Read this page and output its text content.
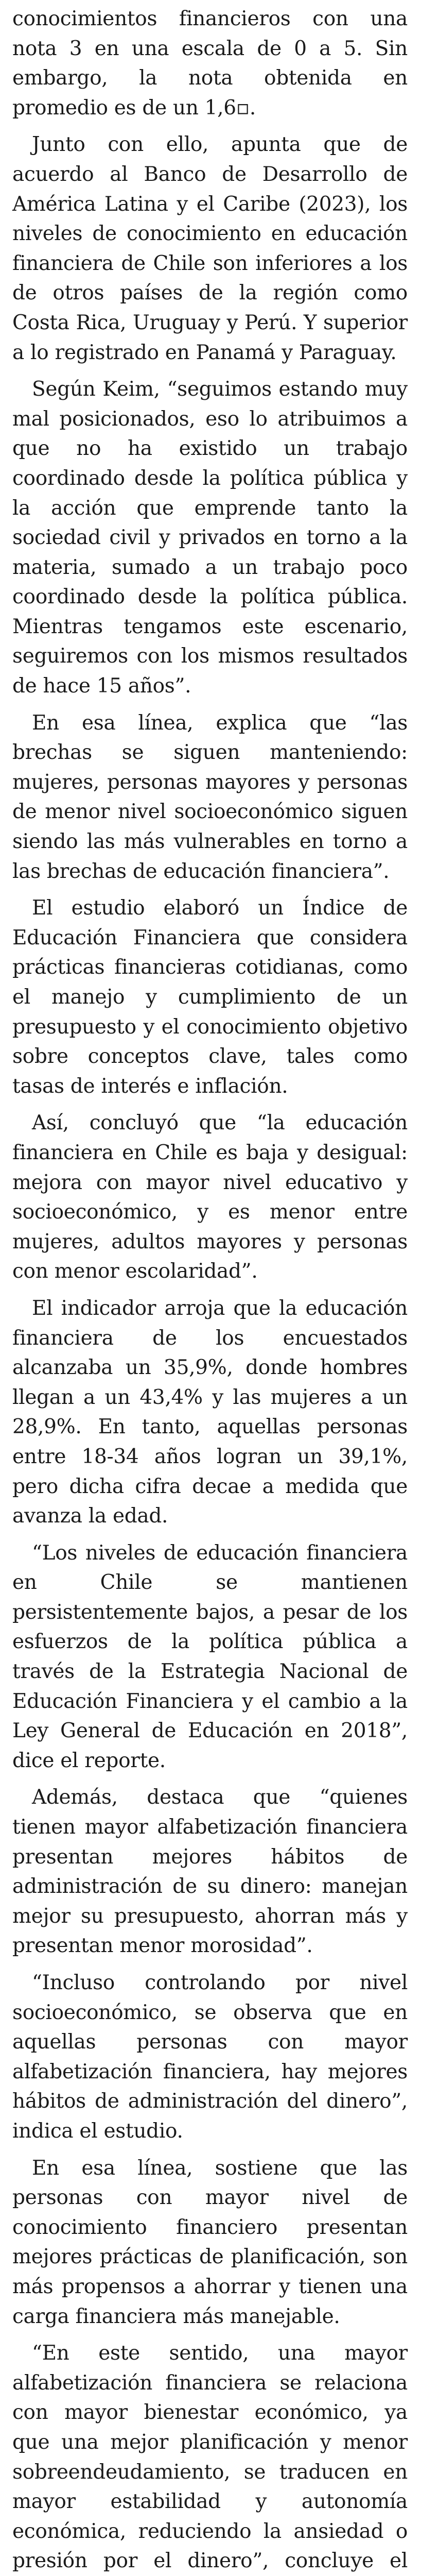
conocimientos financieros con una nota 3 en una escala de 0 a 5. Sin embargo, la nota obtenida en promedio es de un 1,6▫.

Junto con ello, apunta que de acuerdo al Banco de Desarrollo de América Latina y el Caribe (2023), los niveles de conocimiento en educación financiera de Chile son inferiores a los de otros países de la región como Costa Rica, Uruguay y Perú. Y superior a lo registrado en Panamá y Paraguay.

Según Keim, “seguimos estando muy mal posicionados, eso lo atribuimos a que no ha existido un trabajo coordinado desde la política pública y la acción que emprende tanto la sociedad civil y privados en torno a la materia, sumado a un trabajo poco coordinado desde la política pública. Mientras tengamos este escenario, seguiremos con los mismos resultados de hace 15 años”.

En esa línea, explica que “las brechas se siguen manteniendo: mujeres, personas mayores y personas de menor nivel socioeconómico siguen siendo las más vulnerables en torno a las brechas de educación financiera”.

El estudio elaboró un Índice de Educación Financiera que considera prácticas financieras cotidianas, como el manejo y cumplimiento de un presupuesto y el conocimiento objetivo sobre conceptos clave, tales como tasas de interés e inflación.

Así, concluyó que “la educación financiera en Chile es baja y desigual: mejora con mayor nivel educativo y socioeconómico, y es menor entre mujeres, adultos mayores y personas con menor escolaridad”.

El indicador arroja que la educación financiera de los encuestados alcanzaba un 35,9%, donde hombres llegan a un 43,4% y las mujeres a un 28,9%. En tanto, aquellas personas entre 18-34 años logran un 39,1%, pero dicha cifra decae a medida que avanza la edad.

“Los niveles de educación financiera en Chile se mantienen persistentemente bajos, a pesar de los esfuerzos de la política pública a través de la Estrategia Nacional de Educación Financiera y el cambio a la Ley General de Educación en 2018”, dice el reporte.

Además, destaca que “quienes tienen mayor alfabetización financiera presentan mejores hábitos de administración de su dinero: manejan mejor su presupuesto, ahorran más y presentan menor morosidad”.

“Incluso controlando por nivel socioeconómico, se observa que en aquellas personas con mayor alfabetización financiera, hay mejores hábitos de administración del dinero”, indica el estudio.

En esa línea, sostiene que las personas con mayor nivel de conocimiento financiero presentan mejores prácticas de planificación, son más propensos a ahorrar y tienen una carga financiera más manejable.

“En este sentido, una mayor alfabetización financiera se relaciona con mayor bienestar económico, ya que una mejor planificación y menor sobreendeudamiento, se traducen en mayor estabilidad y autonomía económica, reduciendo la ansiedad o presión por el dinero”, concluye el
